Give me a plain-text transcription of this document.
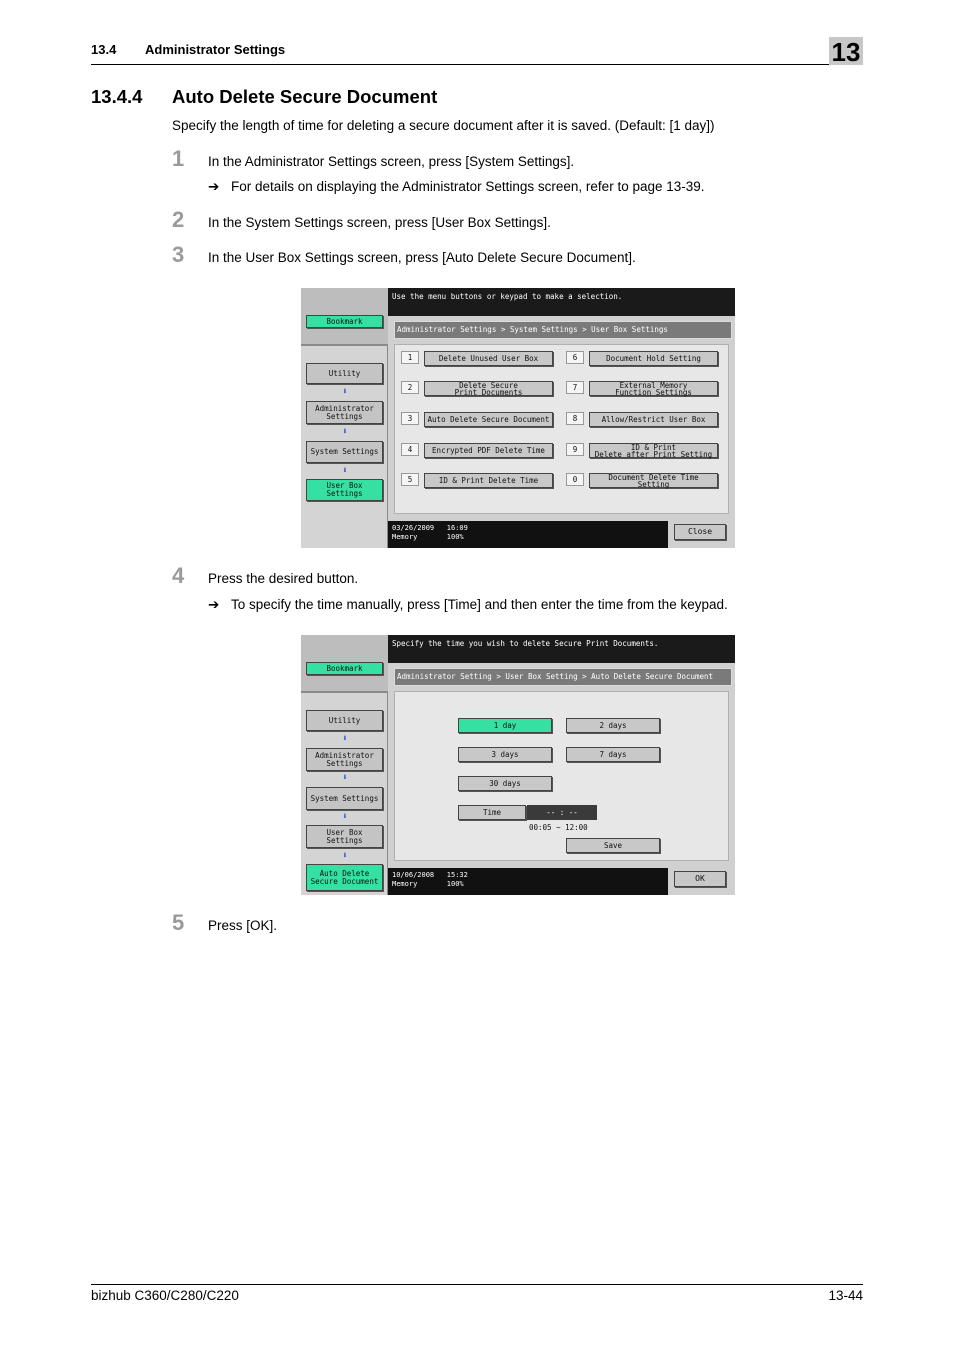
13.4 Administrator Settings	13
13.4.4 Auto Delete Secure Document
Specify the length of time for deleting a secure document after it is saved. (Default: [1 day])
1 In the Administrator Settings screen, press [System Settings].
➔ For details on displaying the Administrator Settings screen, refer to page 13-39.
2 In the System Settings screen, press [User Box Settings].
3 In the User Box Settings screen, press [Auto Delete Secure Document].
Bookmark
Utility
⬇
Administrator
Settings
⬇
System Settings
⬇
User Box
Settings
Use the menu buttons or keypad to make a selection.
Administrator Settings > System Settings > User Box Settings
1	Delete Unused User Box
2	Delete Secure
Print Documents
3	Auto Delete Secure Document
4	Encrypted PDF Delete Time
5	ID & Print Delete Time
6	Document Hold Setting
7	External Memory
Function Settings
8	Allow/Restrict User Box
9	ID & Print
Delete after Print Setting
0	Document Delete Time
Setting
03/26/2009   16:09
Memory       100%
Close
4 Press the desired button.
➔ To specify the time manually, press [Time] and then enter the time from the keypad.
Bookmark
Utility
⬇
Administrator
Settings
⬇
System Settings
⬇
User Box
Settings
⬇
Auto Delete
Secure Document
Specify the time you wish to delete Secure Print Documents.
Administrator Setting > User Box Setting > Auto Delete Secure Document
1 day	2 days
3 days	7 days
30 days
Time	-- : --
00:05 ~ 12:00
Save
10/06/2008   15:32
Memory       100%
OK
5 Press [OK].
bizhub C360/C280/C220	13-44
